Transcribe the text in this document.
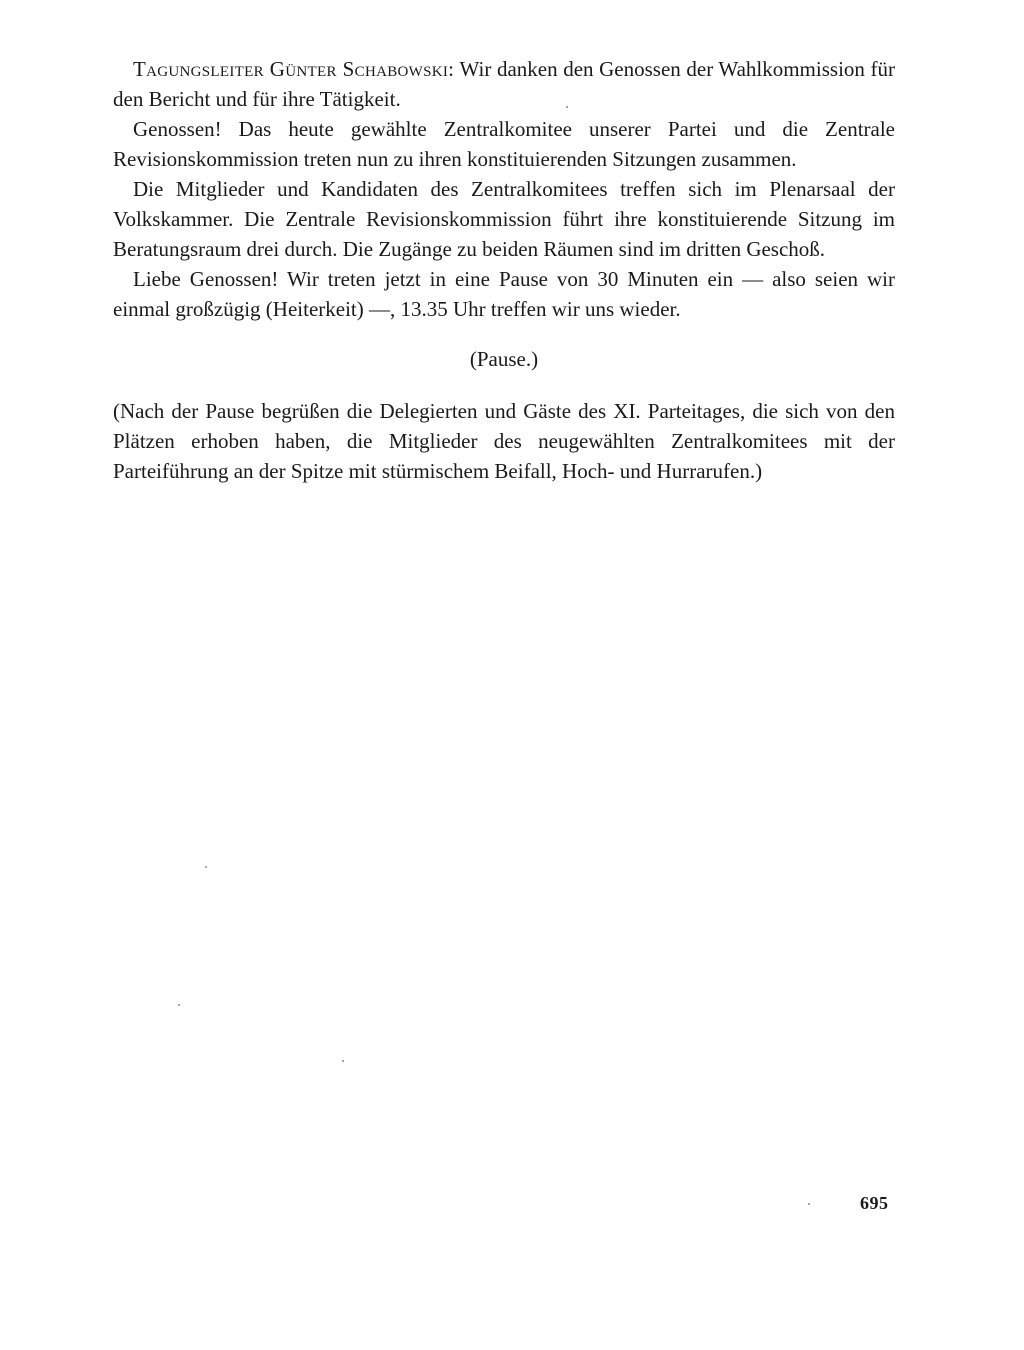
Tagungsleiter Günter Schabowski: Wir danken den Genossen der Wahlkommission für den Bericht und für ihre Tätigkeit.

Genossen! Das heute gewählte Zentralkomitee unserer Partei und die Zentrale Revisionskommission treten nun zu ihren konstituierenden Sitzungen zusammen.

Die Mitglieder und Kandidaten des Zentralkomitees treffen sich im Plenarsaal der Volkskammer. Die Zentrale Revisionskommission führt ihre konstituierende Sitzung im Beratungsraum drei durch. Die Zugänge zu beiden Räumen sind im dritten Geschoß.

Liebe Genossen! Wir treten jetzt in eine Pause von 30 Minuten ein — also seien wir einmal großzügig (Heiterkeit) —, 13.35 Uhr treffen wir uns wieder.

(Pause.)

(Nach der Pause begrüßen die Delegierten und Gäste des XI. Parteitages, die sich von den Plätzen erhoben haben, die Mitglieder des neugewählten Zentralkomitees mit der Parteiführung an der Spitze mit stürmischem Beifall, Hoch- und Hurrarufen.)

695
